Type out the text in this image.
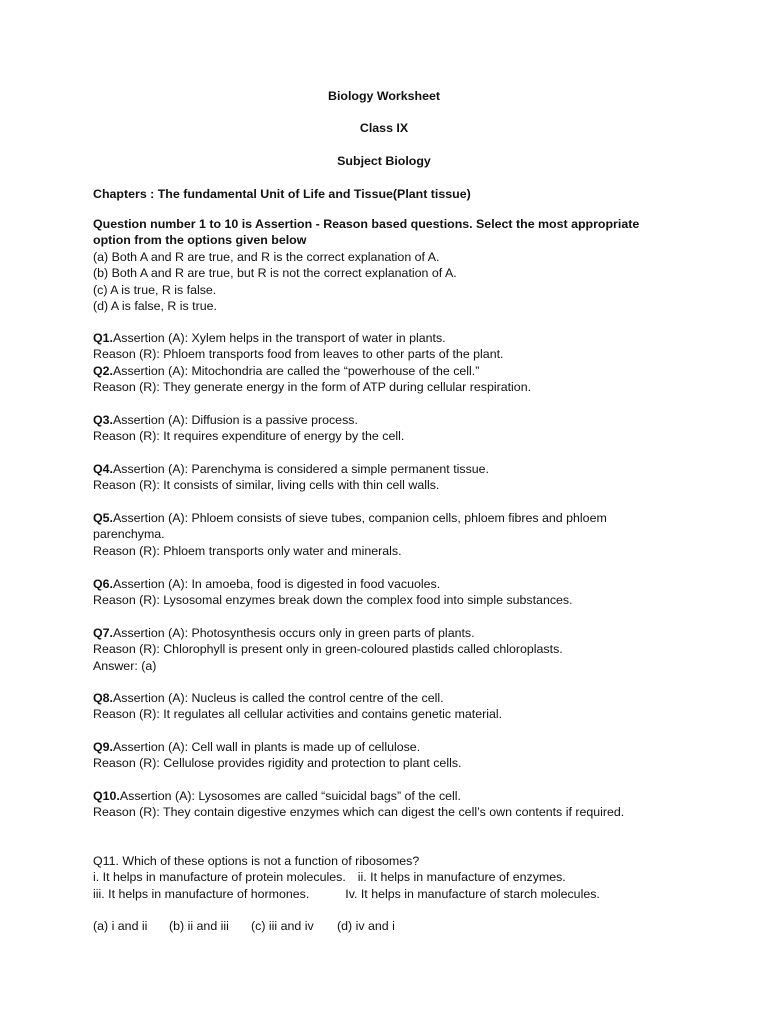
Biology Worksheet
Class IX
Subject Biology
Chapters : The fundamental Unit of Life and Tissue(Plant tissue)
Question number 1 to 10 is Assertion - Reason based questions. Select the most appropriate option from the options given below
(a) Both A and R are true, and R is the correct explanation of A.
(b) Both A and R are true, but R is not the correct explanation of A.
(c) A is true, R is false.
(d) A is false, R is true.
Q1.Assertion (A): Xylem helps in the transport of water in plants.
Reason (R): Phloem transports food from leaves to other parts of the plant.
Q2.Assertion (A): Mitochondria are called the “powerhouse of the cell.”
Reason (R): They generate energy in the form of ATP during cellular respiration.
Q3.Assertion (A): Diffusion is a passive process.
Reason (R): It requires expenditure of energy by the cell.
Q4.Assertion (A): Parenchyma is considered a simple permanent tissue.
Reason (R): It consists of similar, living cells with thin cell walls.
Q5.Assertion (A): Phloem consists of sieve tubes, companion cells, phloem fibres and phloem parenchyma.
Reason (R): Phloem transports only water and minerals.
Q6.Assertion (A): In amoeba, food is digested in food vacuoles.
Reason (R): Lysosomal enzymes break down the complex food into simple substances.
Q7.Assertion (A): Photosynthesis occurs only in green parts of plants.
Reason (R): Chlorophyll is present only in green-coloured plastids called chloroplasts.
Answer: (a)
Q8.Assertion (A): Nucleus is called the control centre of the cell.
Reason (R): It regulates all cellular activities and contains genetic material.
Q9.Assertion (A): Cell wall in plants is made up of cellulose.
Reason (R): Cellulose provides rigidity and protection to plant cells.
Q10.Assertion (A): Lysosomes are called “suicidal bags” of the cell.
Reason (R): They contain digestive enzymes which can digest the cell’s own contents if required.
Q11. Which of these options is not a function of ribosomes?
i. It helps in manufacture of protein molecules. ii. It helps in manufacture of enzymes.
iii. It helps in manufacture of hormones.	Iv. It helps in manufacture of starch molecules.
(a) i and ii (b) ii and iii (c) iii and iv (d) iv and i
